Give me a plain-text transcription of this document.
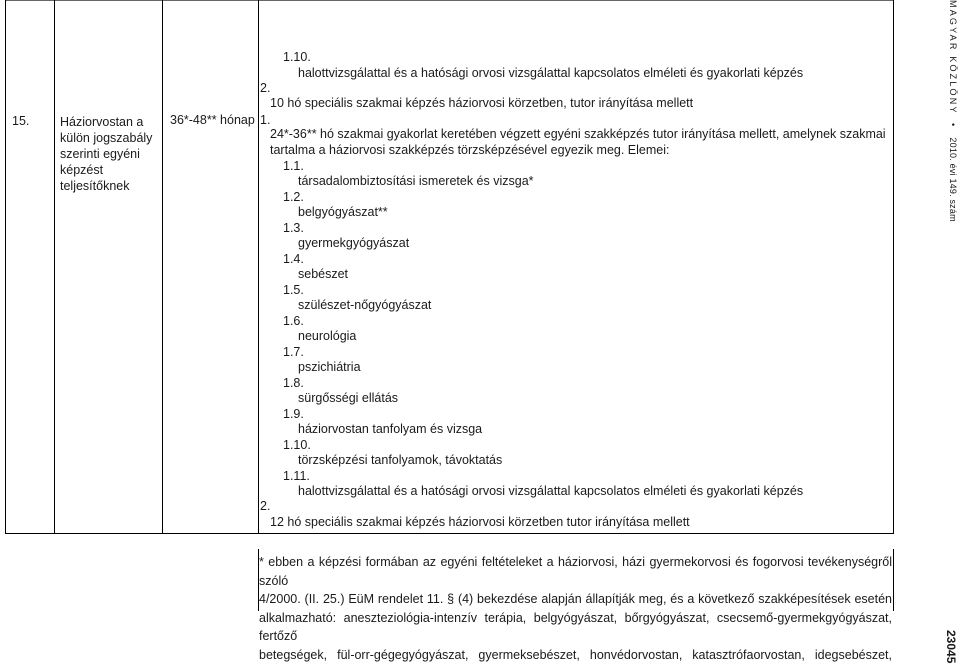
15. Háziorvostan a
külön jogszabály
szerinti egyéni
képzést
teljesítőknek
36*-48** hónap
1.10.
halottvizsgálattal és a hatósági orvosi vizsgálattal kapcsolatos elméleti és gyakorlati képzés
2.
10 hó speciális szakmai képzés háziorvosi körzetben, tutor irányítása mellett
1.
24*-36** hó szakmai gyakorlat keretében végzett egyéni szakképzés tutor irányítása mellett, amelynek szakmai
tartalma a háziorvosi szakképzés törzsképzésével egyezik meg. Elemei:
1.1.
társadalombiztosítási ismeretek és vizsga*
1.2.
belgyógyászat**
1.3.
gyermekgyógyászat
1.4.
sebészet
1.5.
szülészet-nőgyógyászat
1.6.
neurológia
1.7.
pszichiátria
1.8.
sürgősségi ellátás
1.9.
háziorvostan tanfolyam és vizsga
1.10.
törzsképzési tanfolyamok, távoktatás
1.11.
halottvizsgálattal és a hatósági orvosi vizsgálattal kapcsolatos elméleti és gyakorlati képzés
2.
12 hó speciális szakmai képzés háziorvosi körzetben tutor irányítása mellett
* ebben a képzési formában az egyéni feltételeket a háziorvosi, házi gyermekorvosi és fogorvosi tevékenységről szóló
4/2000. (II. 25.) EüM rendelet 11. § (4) bekezdése alapján állapítják meg, és a következő szakképesítések esetén
alkalmazható: aneszteziológia-intenzív terápia, belgyógyászat, bőrgyógyászat, csecsemő-gyermekgyógyászat, fertőző
betegségek, fül-orr-gégegyógyászat, gyermeksebészet, honvédorvostan, katasztrófaorvostan, idegsebészet,
MAGYAR KÖZLÖNY • 2010. évi 149. szám
23045
